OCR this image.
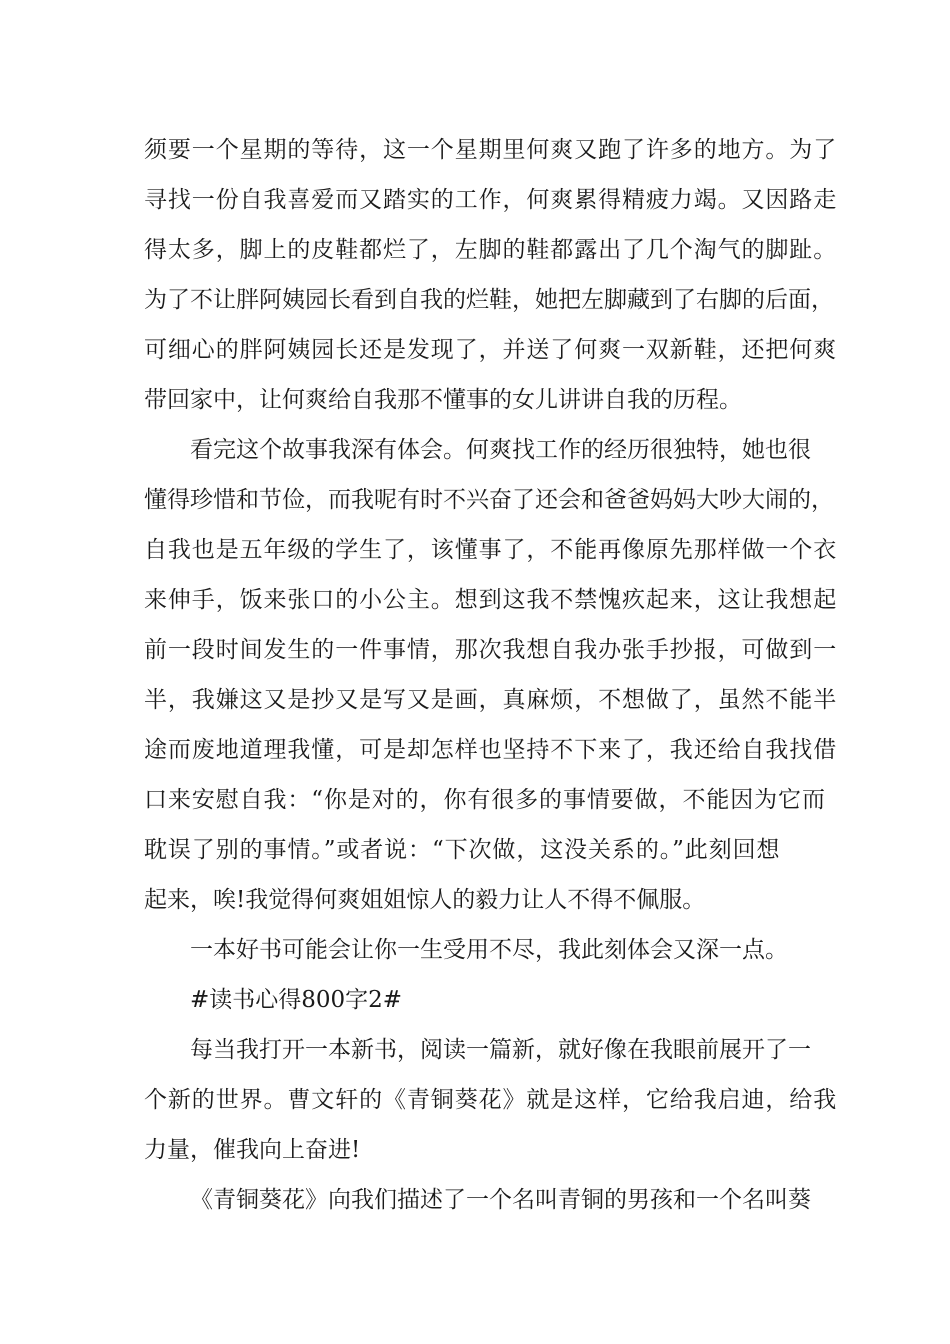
须要一个星期的等待，这一个星期里何爽又跑了许多的地方。为了
寻找一份自我喜爱而又踏实的工作，何爽累得精疲力竭。又因路走
得太多，脚上的皮鞋都烂了，左脚的鞋都露出了几个淘气的脚趾。
为了不让胖阿姨园长看到自我的烂鞋，她把左脚藏到了右脚的后面，
可细心的胖阿姨园长还是发现了，并送了何爽一双新鞋，还把何爽
带回家中，让何爽给自我那不懂事的女儿讲讲自我的历程。
看完这个故事我深有体会。何爽找工作的经历很独特，她也很
懂得珍惜和节俭，而我呢有时不兴奋了还会和爸爸妈妈大吵大闹的，
自我也是五年级的学生了，该懂事了，不能再像原先那样做一个衣
来伸手，饭来张口的小公主。想到这我不禁愧疚起来，这让我想起
前一段时间发生的一件事情，那次我想自我办张手抄报，可做到一
半，我嫌这又是抄又是写又是画，真麻烦，不想做了，虽然不能半
途而废地道理我懂，可是却怎样也坚持不下来了，我还给自我找借
口来安慰自我：“你是对的，你有很多的事情要做，不能因为它而
耽误了别的事情。”或者说：“下次做，这没关系的。”此刻回想
起来，唉!我觉得何爽姐姐惊人的毅力让人不得不佩服。
一本好书可能会让你一生受用不尽，我此刻体会又深一点。
#读书心得800字2#
每当我打开一本新书，阅读一篇新，就好像在我眼前展开了一
个新的世界。曹文轩的《青铜葵花》就是这样，它给我启迪，给我
力量，催我向上奋进!
《青铜葵花》向我们描述了一个名叫青铜的男孩和一个名叫葵
